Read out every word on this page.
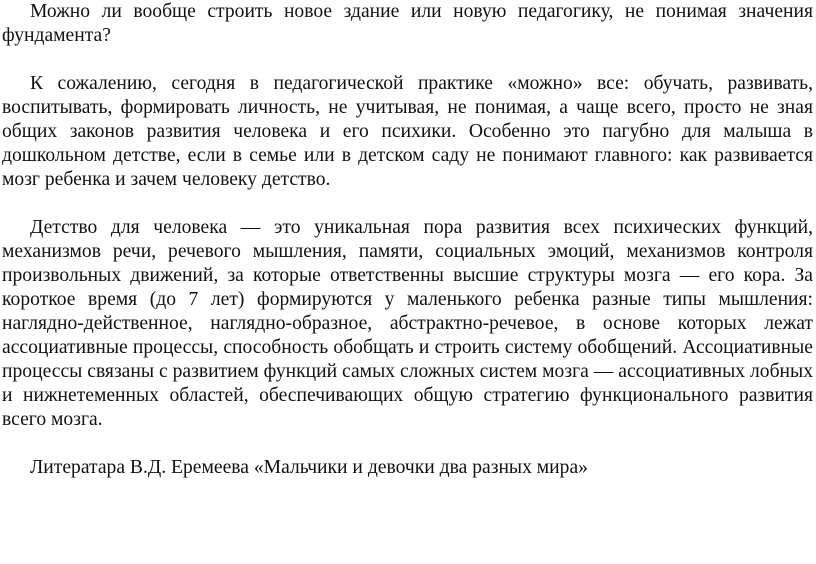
Можно ли вообще строить новое здание или новую педагогику, не понимая значения фундамента?

К сожалению, сегодня в педагогической практике «можно» все: обучать, развивать, воспитывать, формировать личность, не учитывая, не понимая, а чаще всего, просто не зная общих законов развития человека и его психики. Особенно это пагубно для малыша в дошкольном детстве, если в семье или в детском саду не понимают главного: как развивается мозг ребенка и зачем человеку детство.

Детство для человека — это уникальная пора развития всех психических функций, механизмов речи, речевого мышления, памяти, социальных эмоций, механизмов контроля произвольных движений, за которые ответственны высшие структуры мозга — его кора. За короткое время (до 7 лет) формируются у маленького ребенка разные типы мышления: наглядно-действенное, наглядно-образное, абстрактно-речевое, в основе которых лежат ассоциативные процессы, способность обобщать и строить систему обобщений. Ассоциативные процессы связаны с развитием функций самых сложных систем мозга — ассоциативных лобных и нижнетеменных областей, обеспечивающих общую стратегию функционального развития всего мозга.

Литератара В.Д. Еремеева «Мальчики и девочки два разных мира»
